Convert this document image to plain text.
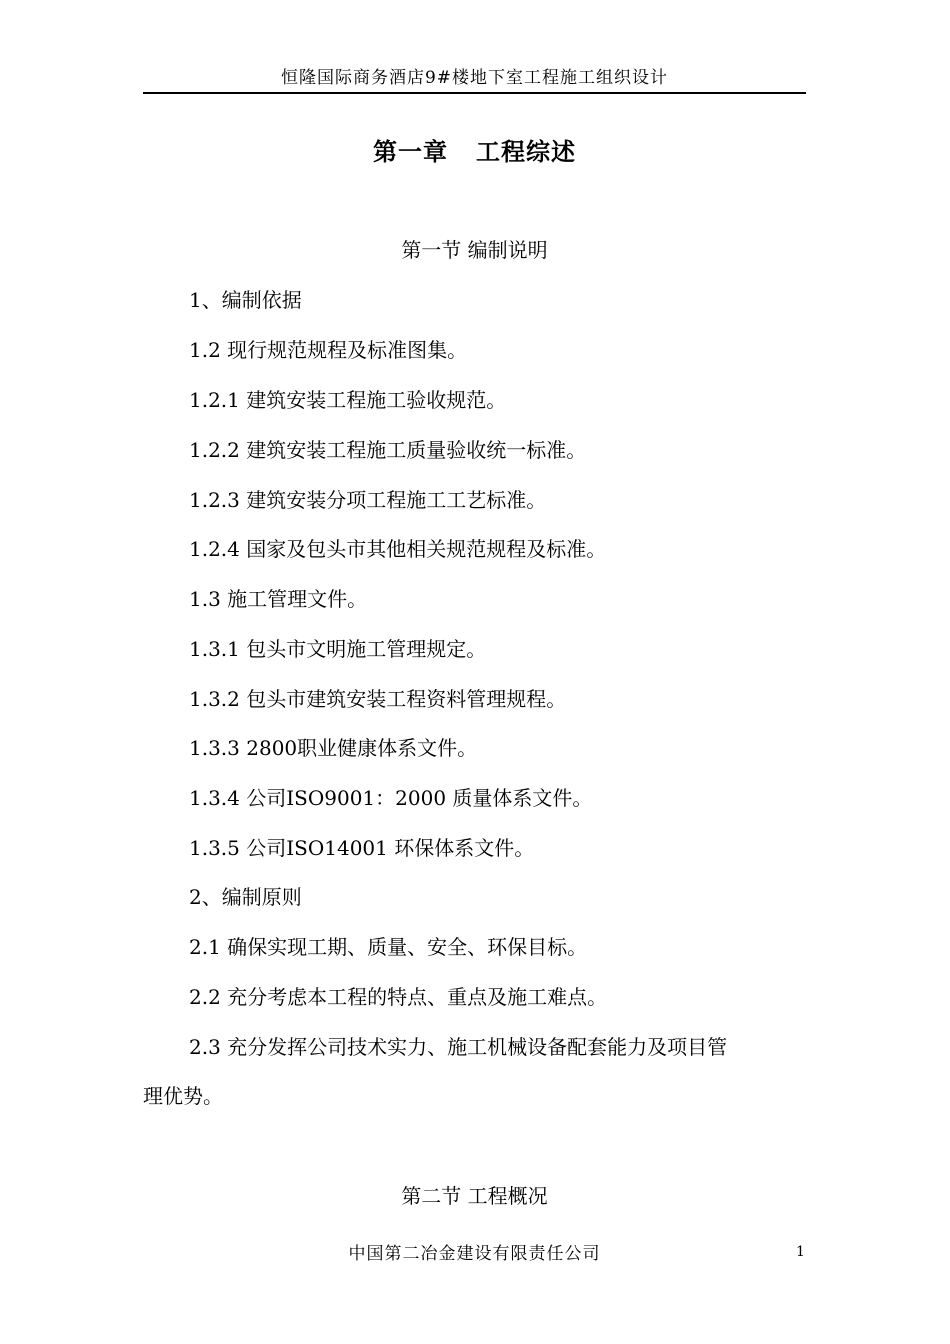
恒隆国际商务酒店9#楼地下室工程施工组织设计
第一章   工程综述
第一节 编制说明
1、编制依据
1.2 现行规范规程及标准图集。
1.2.1 建筑安装工程施工验收规范。
1.2.2 建筑安装工程施工质量验收统一标准。
1.2.3 建筑安装分项工程施工工艺标准。
1.2.4 国家及包头市其他相关规范规程及标准。
1.3 施工管理文件。
1.3.1 包头市文明施工管理规定。
1.3.2 包头市建筑安装工程资料管理规程。
1.3.3 2800职业健康体系文件。
1.3.4 公司ISO9001：2000 质量体系文件。
1.3.5 公司ISO14001 环保体系文件。
2、编制原则
2.1 确保实现工期、质量、安全、环保目标。
2.2 充分考虑本工程的特点、重点及施工难点。
2.3 充分发挥公司技术实力、施工机械设备配套能力及项目管
理优势。
第二节 工程概况
中国第二冶金建设有限责任公司	1
